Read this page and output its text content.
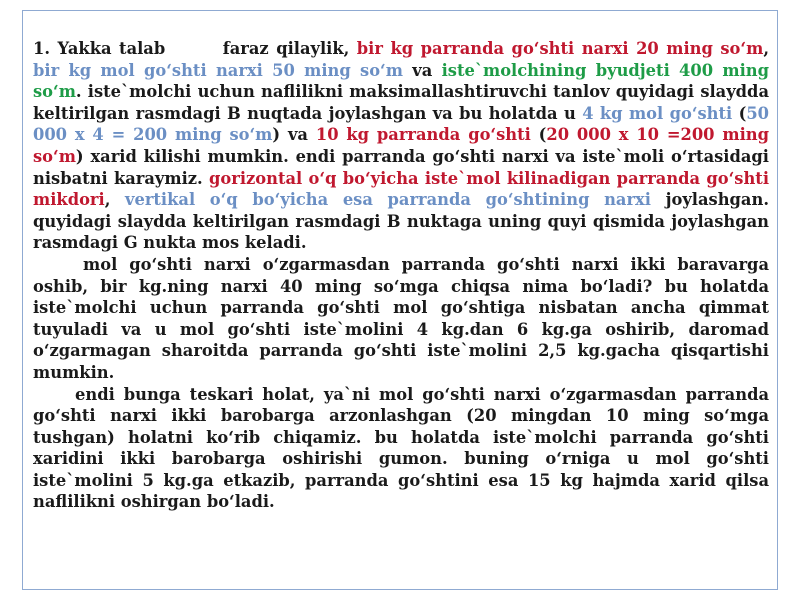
1. Yakka talab	faraz qilaylik, bir kg parranda go‘shti narxi 20 ming so‘m, bir kg mol go‘shti narxi 50 ming so‘m va iste`molchining byudjeti 400 ming so‘m. iste`molchi uchun naflilikni maksimallashtiruvchi tanlov quyidagi slaydda keltirilgan rasmdagi B nuqtada joylashgan va bu holatda u 4 kg mol go‘shti (50 000 x 4 = 200 ming so‘m) va 10 kg parranda go‘shti (20 000 x 10 =200 ming so‘m) xarid kilishi mumkin. endi parranda go‘shti narxi va iste`moli o‘rtasidagi nisbatni karaymiz. gorizontal o‘q bo‘yicha iste`mol kilinadigan parranda go‘shti mikdori, vertikal o‘q bo‘yicha esa parranda go‘shtining narxi joylashgan. quyidagi slaydda keltirilgan rasmdagi B nuktaga uning quyi qismida joylashgan rasmdagi G nukta mos keladi.

mol go‘shti narxi o‘zgarmasdan parranda go‘shti narxi ikki baravarga oshib, bir kg.ning narxi 40 ming so‘mga chiqsa nima bo‘ladi? bu holatda iste`molchi uchun parranda go‘shti mol go‘shtiga nisbatan ancha qimmat tuyuladi va u mol go‘shti iste`molini 4 kg.dan 6 kg.ga oshirib, daromad o‘zgarmagan sharoitda parranda go‘shti iste`molini 2,5 kg.gacha qisqartishi mumkin.

endi bunga teskari holat, ya`ni mol go‘shti narxi o‘zgarmasdan parranda go‘shti narxi ikki barobarga arzonlashgan (20 mingdan 10 ming so‘mga tushgan) holatni ko‘rib chiqamiz. bu holatda iste`molchi parranda go‘shti xaridini ikki barobarga oshirishi gumon. buning o‘rniga u mol go‘shti iste`molini 5 kg.ga etkazib, parranda go‘shtini esa 15 kg hajmda xarid qilsa naflilikni oshirgan bo‘ladi.
